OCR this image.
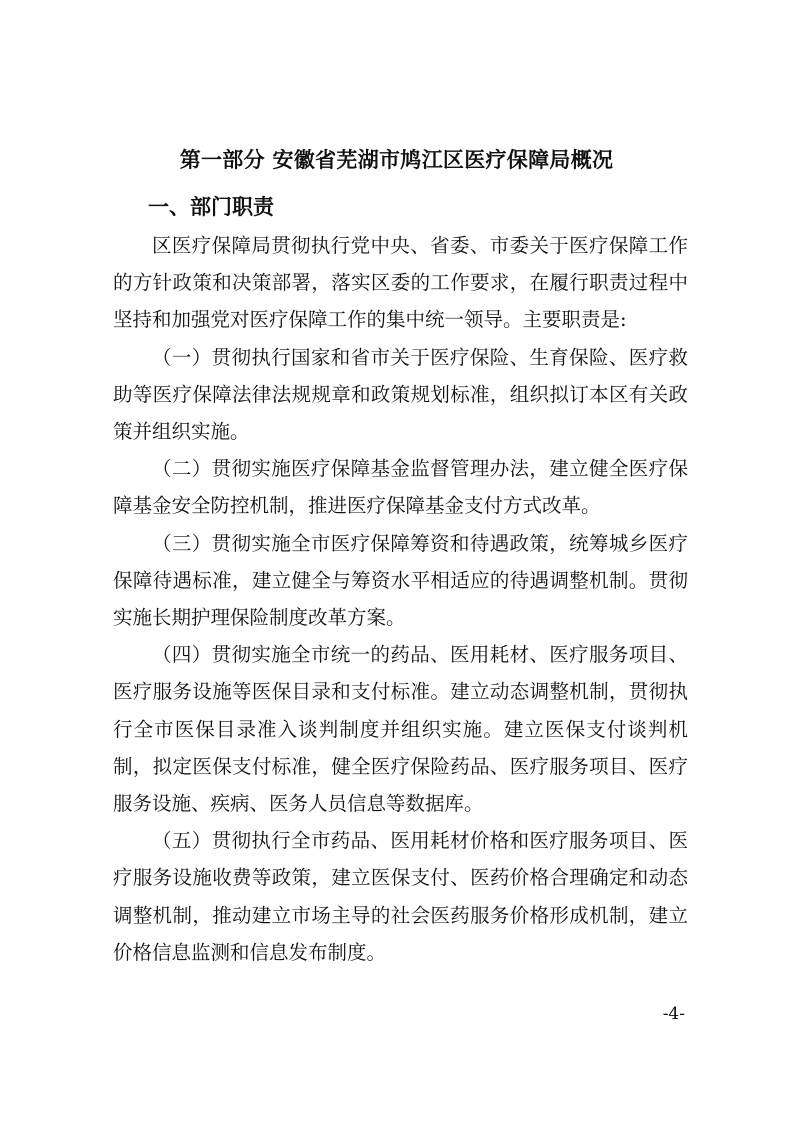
第一部分 安徽省芜湖市鸠江区医疗保障局概况
一、部门职责

区医疗保障局贯彻执行党中央、省委、市委关于医疗保障工作的方针政策和决策部署，落实区委的工作要求，在履行职责过程中坚持和加强党对医疗保障工作的集中统一领导。主要职责是:

（一）贯彻执行国家和省市关于医疗保险、生育保险、医疗救助等医疗保障法律法规规章和政策规划标准，组织拟订本区有关政策并组织实施。

（二）贯彻实施医疗保障基金监督管理办法，建立健全医疗保障基金安全防控机制，推进医疗保障基金支付方式改革。

（三）贯彻实施全市医疗保障筹资和待遇政策，统筹城乡医疗保障待遇标准，建立健全与筹资水平相适应的待遇调整机制。贯彻实施长期护理保险制度改革方案。

（四）贯彻实施全市统一的药品、医用耗材、医疗服务项目、医疗服务设施等医保目录和支付标准。建立动态调整机制，贯彻执行全市医保目录准入谈判制度并组织实施。建立医保支付谈判机制，拟定医保支付标准，健全医疗保险药品、医疗服务项目、医疗服务设施、疾病、医务人员信息等数据库。

（五）贯彻执行全市药品、医用耗材价格和医疗服务项目、医疗服务设施收费等政策，建立医保支付、医药价格合理确定和动态调整机制，推动建立市场主导的社会医药服务价格形成机制，建立价格信息监测和信息发布制度。

-4-
